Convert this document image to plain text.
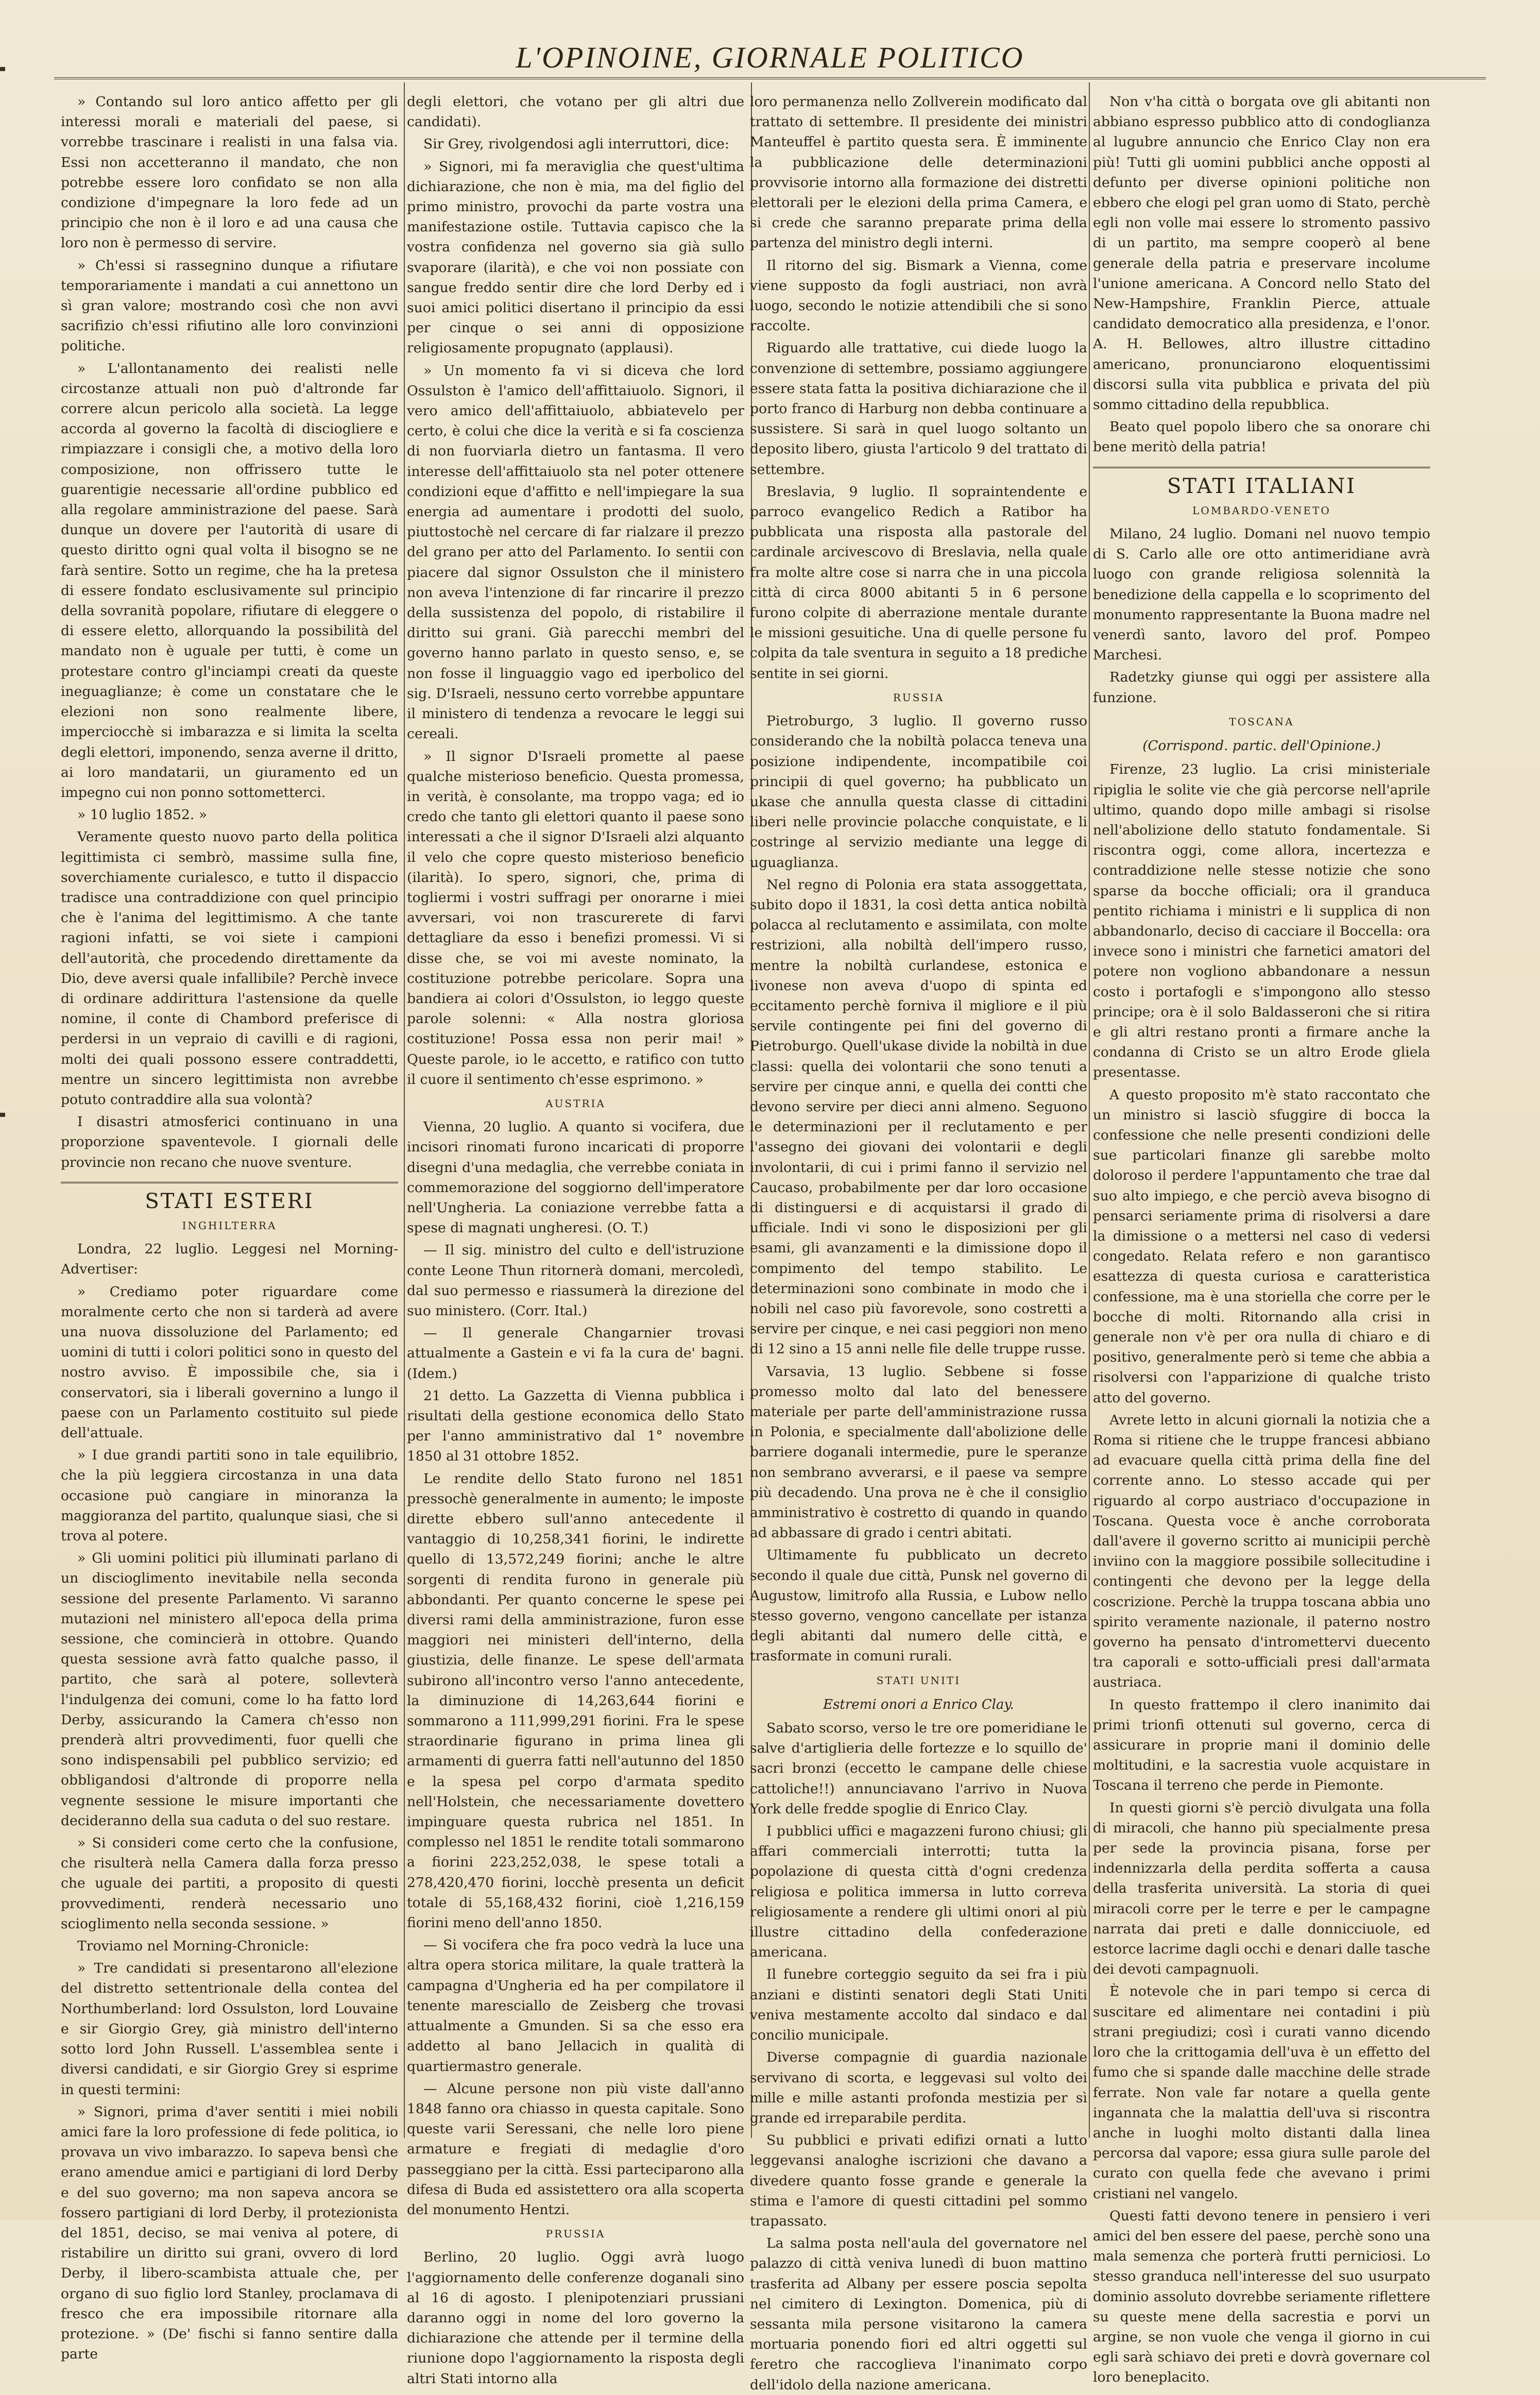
L'OPINOINE, GIORNALE POLITICO

» Contando sul loro antico affetto per gli interessi morali e materiali del paese, si vorrebbe trascinare i realisti in una falsa via. Essi non accetteranno il mandato, che non potrebbe essere loro confidato se non alla condizione d'impegnare la loro fede ad un principio che non è il loro e ad una causa che loro non è permesso di servire.

» Ch'essi si rassegnino dunque a rifiutare temporariamente i mandati a cui annettono un sì gran valore; mostrando così che non avvi sacrifizio ch'essi rifiutino alle loro convinzioni politiche.

» L'allontanamento dei realisti nelle circostanze attuali non può d'altronde far correre alcun pericolo alla società. La legge accorda al governo la facoltà di disciogliere e rimpiazzare i consigli che, a motivo della loro composizione, non offrissero tutte le guarentigie necessarie all'ordine pubblico ed alla regolare amministrazione del paese. Sarà dunque un dovere per l'autorità di usare di questo diritto ogni qual volta il bisogno se ne farà sentire. Sotto un regime, che ha la pretesa di essere fondato esclusivamente sul principio della sovranità popolare, rifiutare di eleggere o di essere eletto, allorquando la possibilità del mandato non è uguale per tutti, è come un protestare contro gl'inciampi creati da queste ineguaglianze; è come un constatare che le elezioni non sono realmente libere, imperciocchè si imbarazza e si limita la scelta degli elettori, imponendo, senza averne il dritto, ai loro mandatarii, un giuramento ed un impegno cui non ponno sottometterci.

» 10 luglio 1852. »

Veramente questo nuovo parto della politica legittimista ci sembrò, massime sulla fine, soverchiamente curialesco, e tutto il dispaccio tradisce una contraddizione con quel principio che è l'anima del legittimismo. A che tante ragioni infatti, se voi siete i campioni dell'autorità, che procedendo direttamente da Dio, deve aversi quale infallibile? Perchè invece di ordinare addirittura l'astensione da quelle nomine, il conte di Chambord preferisce di perdersi in un vepraio di cavilli e di ragioni, molti dei quali possono essere contraddetti, mentre un sincero legittimista non avrebbe potuto contraddire alla sua volontà?

I disastri atmosferici continuano in una proporzione spaventevole. I giornali delle provincie non recano che nuove sventure.

STATI ESTERI
INGHILTERRA

Londra, 22 luglio. Leggesi nel Morning-Advertiser:

» Crediamo poter riguardare come moralmente certo che non si tarderà ad avere una nuova dissoluzione del Parlamento; ed uomini di tutti i colori politici sono in questo del nostro avviso. È impossibile che, sia i conservatori, sia i liberali governino a lungo il paese con un Parlamento costituito sul piede dell'attuale.

» I due grandi partiti sono in tale equilibrio, che la più leggiera circostanza in una data occasione può cangiare in minoranza la maggioranza del partito, qualunque siasi, che si trova al potere.

» Gli uomini politici più illuminati parlano di un discioglimento inevitabile nella seconda sessione del presente Parlamento. Vi saranno mutazioni nel ministero all'epoca della prima sessione, che comincierà in ottobre. Quando questa sessione avrà fatto qualche passo, il partito, che sarà al potere, sollevterà l'indulgenza dei comuni, come lo ha fatto lord Derby, assicurando la Camera ch'esso non prenderà altri provvedimenti, fuor quelli che sono indispensabili pel pubblico servizio; ed obbligandosi d'altronde di proporre nella vegnente sessione le misure importanti che decideranno della sua caduta o del suo restare.

» Si consideri come certo che la confusione, che risulterà nella Camera dalla forza presso che uguale dei partiti, a proposito di questi provvedimenti, renderà necessario uno scioglimento nella seconda sessione. »

Troviamo nel Morning-Chronicle:

» Tre candidati si presentarono all'elezione del distretto settentrionale della contea del Northumberland: lord Ossulston, lord Louvaine e sir Giorgio Grey, già ministro dell'interno sotto lord John Russell. L'assemblea sente i diversi candidati, e sir Giorgio Grey si esprime in questi termini:

» Signori, prima d'aver sentiti i miei nobili amici fare la loro professione di fede politica, io provava un vivo imbarazzo. Io sapeva bensì che erano amendue amici e partigiani di lord Derby e del suo governo; ma non sapeva ancora se fossero partigiani di lord Derby, il protezionista del 1851, deciso, se mai veniva al potere, di ristabilire un diritto sui grani, ovvero di lord Derby, il libero-scambista attuale che, per organo di suo figlio lord Stanley, proclamava di fresco che era impossibile ritornare alla protezione. » (De' fischi si fanno sentire dalla parte

degli elettori, che votano per gli altri due candidati).

Sir Grey, rivolgendosi agli interruttori, dice:

» Signori, mi fa meraviglia che quest'ultima dichiarazione, che non è mia, ma del figlio del primo ministro, provochi da parte vostra una manifestazione ostile. Tuttavia capisco che la vostra confidenza nel governo sia già sullo svaporare (ilarità), e che voi non possiate con sangue freddo sentir dire che lord Derby ed i suoi amici politici disertano il principio da essi per cinque o sei anni di opposizione religiosamente propugnato (applausi).

» Un momento fa vi si diceva che lord Ossulston è l'amico dell'affittaiuolo. Signori, il vero amico dell'affittaiuolo, abbiatevelo per certo, è colui che dice la verità e si fa coscienza di non fuorviarla dietro un fantasma. Il vero interesse dell'affittaiuolo sta nel poter ottenere condizioni eque d'affitto e nell'impiegare la sua energia ad aumentare i prodotti del suolo, piuttostochè nel cercare di far rialzare il prezzo del grano per atto del Parlamento. Io sentii con piacere dal signor Ossulston che il ministero non aveva l'intenzione di far rincarire il prezzo della sussistenza del popolo, di ristabilire il diritto sui grani. Già parecchi membri del governo hanno parlato in questo senso, e, se non fosse il linguaggio vago ed iperbolico del sig. D'Israeli, nessuno certo vorrebbe appuntare il ministero di tendenza a revocare le leggi sui cereali.

» Il signor D'Israeli promette al paese qualche misterioso beneficio. Questa promessa, in verità, è consolante, ma troppo vaga; ed io credo che tanto gli elettori quanto il paese sono interessati a che il signor D'Israeli alzi alquanto il velo che copre questo misterioso beneficio (ilarità). Io spero, signori, che, prima di togliermi i vostri suffragi per onorarne i miei avversari, voi non trascurerete di farvi dettagliare da esso i benefizi promessi. Vi si disse che, se voi mi aveste nominato, la costituzione potrebbe pericolare. Sopra una bandiera ai colori d'Ossulston, io leggo queste parole solenni: « Alla nostra gloriosa costituzione! Possa essa non perir mai! » Queste parole, io le accetto, e ratifico con tutto il cuore il sentimento ch'esse esprimono. »

AUSTRIA

Vienna, 20 luglio. A quanto si vocifera, due incisori rinomati furono incaricati di proporre disegni d'una medaglia, che verrebbe coniata in commemorazione del soggiorno dell'imperatore nell'Ungheria. La coniazione verrebbe fatta a spese di magnati ungheresi. (O. T.)

— Il sig. ministro del culto e dell'istruzione conte Leone Thun ritornerà domani, mercoledì, dal suo permesso e riassumerà la direzione del suo ministero. (Corr. Ital.)

— Il generale Changarnier trovasi attualmente a Gastein e vi fa la cura de' bagni. (Idem.)

21 detto. La Gazzetta di Vienna pubblica i risultati della gestione economica dello Stato per l'anno amministrativo dal 1° novembre 1850 al 31 ottobre 1852.

Le rendite dello Stato furono nel 1851 pressochè generalmente in aumento; le imposte dirette ebbero sull'anno antecedente il vantaggio di 10,258,341 fiorini, le indirette quello di 13,572,249 fiorini; anche le altre sorgenti di rendita furono in generale più abbondanti. Per quanto concerne le spese pei diversi rami della amministrazione, furon esse maggiori nei ministeri dell'interno, della giustizia, delle finanze. Le spese dell'armata subirono all'incontro verso l'anno antecedente, la diminuzione di 14,263,644 fiorini e sommarono a 111,999,291 fiorini. Fra le spese straordinarie figurano in prima linea gli armamenti di guerra fatti nell'autunno del 1850 e la spesa pel corpo d'armata spedito nell'Holstein, che necessariamente dovettero impinguare questa rubrica nel 1851. In complesso nel 1851 le rendite totali sommarono a fiorini 223,252,038, le spese totali a 278,420,470 fiorini, locchè presenta un deficit totale di 55,168,432 fiorini, cioè 1,216,159 fiorini meno dell'anno 1850.

— Si vocifera che fra poco vedrà la luce una altra opera storica militare, la quale tratterà la campagna d'Ungheria ed ha per compilatore il tenente maresciallo de Zeisberg che trovasi attualmente a Gmunden. Si sa che esso era addetto al bano Jellacich in qualità di quartiermastro generale.

— Alcune persone non più viste dall'anno 1848 fanno ora chiasso in questa capitale. Sono queste varii Seressani, che nelle loro piene armature e fregiati di medaglie d'oro passeggiano per la città. Essi parteciparono alla difesa di Buda ed assistettero ora alla scoperta del monumento Hentzi.

PRUSSIA

Berlino, 20 luglio. Oggi avrà luogo l'aggiornamento delle conferenze doganali sino al 16 di agosto. I plenipotenziari prussiani daranno oggi in nome del loro governo la dichiarazione che attende per il termine della riunione dopo l'aggiornamento la risposta degli altri Stati intorno alla

loro permanenza nello Zollverein modificato dal trattato di settembre. Il presidente dei ministri Manteuffel è partito questa sera. È imminente la pubblicazione delle determinazioni provvisorie intorno alla formazione dei distretti elettorali per le elezioni della prima Camera, e si crede che saranno preparate prima della partenza del ministro degli interni.

Il ritorno del sig. Bismark a Vienna, come viene supposto da fogli austriaci, non avrà luogo, secondo le notizie attendibili che si sono raccolte.

Riguardo alle trattative, cui diede luogo la convenzione di settembre, possiamo aggiungere essere stata fatta la positiva dichiarazione che il porto franco di Harburg non debba continuare a sussistere. Si sarà in quel luogo soltanto un deposito libero, giusta l'articolo 9 del trattato di settembre.

Breslavia, 9 luglio. Il sopraintendente e parroco evangelico Redich a Ratibor ha pubblicata una risposta alla pastorale del cardinale arcivescovo di Breslavia, nella quale fra molte altre cose si narra che in una piccola città di circa 8000 abitanti 5 in 6 persone furono colpite di aberrazione mentale durante le missioni gesuitiche. Una di quelle persone fu colpita da tale sventura in seguito a 18 prediche sentite in sei giorni.

RUSSIA

Pietroburgo, 3 luglio. Il governo russo considerando che la nobiltà polacca teneva una posizione indipendente, incompatibile coi principii di quel governo; ha pubblicato un ukase che annulla questa classe di cittadini liberi nelle provincie polacche conquistate, e li costringe al servizio mediante una legge di uguaglianza.

Nel regno di Polonia era stata assoggettata, subito dopo il 1831, la così detta antica nobiltà polacca al reclutamento e assimilata, con molte restrizioni, alla nobiltà dell'impero russo, mentre la nobiltà curlandese, estonica e livonese non aveva d'uopo di spinta ed eccitamento perchè forniva il migliore e il più servile contingente pei fini del governo di Pietroburgo. Quell'ukase divide la nobiltà in due classi: quella dei volontarii che sono tenuti a servire per cinque anni, e quella dei contti che devono servire per dieci anni almeno. Seguono le determinazioni per il reclutamento e per l'assegno dei giovani dei volontarii e degli involontarii, di cui i primi fanno il servizio nel Caucaso, probabilmente per dar loro occasione di distinguersi e di acquistarsi il grado di ufficiale. Indi vi sono le disposizioni per gli esami, gli avanzamenti e la dimissione dopo il compimento del tempo stabilito. Le determinazioni sono combinate in modo che i nobili nel caso più favorevole, sono costretti a servire per cinque, e nei casi peggiori non meno di 12 sino a 15 anni nelle file delle truppe russe.

Varsavia, 13 luglio. Sebbene si fosse promesso molto dal lato del benessere materiale per parte dell'amministrazione russa in Polonia, e specialmente dall'abolizione delle barriere doganali intermedie, pure le speranze non sembrano avverarsi, e il paese va sempre più decadendo. Una prova ne è che il consiglio amministrativo è costretto di quando in quando ad abbassare di grado i centri abitati.

Ultimamente fu pubblicato un decreto secondo il quale due città, Punsk nel governo di Augustow, limitrofo alla Russia, e Lubow nello stesso governo, vengono cancellate per istanza degli abitanti dal numero delle città, e trasformate in comuni rurali.

STATI UNITI
Estremi onori a Enrico Clay.

Sabato scorso, verso le tre ore pomeridiane le salve d'artiglieria delle fortezze e lo squillo de' sacri bronzi (eccetto le campane delle chiese cattoliche!!) annunciavano l'arrivo in Nuova York delle fredde spoglie di Enrico Clay.

I pubblici uffici e magazzeni furono chiusi; gli affari commerciali interrotti; tutta la popolazione di questa città d'ogni credenza religiosa e politica immersa in lutto correva religiosamente a rendere gli ultimi onori al più illustre cittadino della confederazione americana.

Il funebre corteggio seguito da sei fra i più anziani e distinti senatori degli Stati Uniti veniva mestamente accolto dal sindaco e dal concilio municipale.

Diverse compagnie di guardia nazionale servivano di scorta, e leggevasi sul volto dei mille e mille astanti profonda mestizia per sì grande ed irreparabile perdita.

Su pubblici e privati edifizi ornati a lutto leggevansi analoghe iscrizioni che davano a divedere quanto fosse grande e generale la stima e l'amore di questi cittadini pel sommo trapassato.

La salma posta nell'aula del governatore nel palazzo di città veniva lunedì di buon mattino trasferita ad Albany per essere poscia sepolta nel cimitero di Lexington. Domenica, più di sessanta mila persone visitarono la camera mortuaria ponendo fiori ed altri oggetti sul feretro che raccoglieva l'inanimato corpo dell'idolo della nazione americana.

Non v'ha città o borgata ove gli abitanti non abbiano espresso pubblico atto di condoglianza al lugubre annuncio che Enrico Clay non era più! Tutti gli uomini pubblici anche opposti al defunto per diverse opinioni politiche non ebbero che elogi pel gran uomo di Stato, perchè egli non volle mai essere lo stromento passivo di un partito, ma sempre cooperò al bene generale della patria e preservare incolume l'unione americana. A Concord nello Stato del New-Hampshire, Franklin Pierce, attuale candidato democratico alla presidenza, e l'onor. A. H. Bellowes, altro illustre cittadino americano, pronunciarono eloquentissimi discorsi sulla vita pubblica e privata del più sommo cittadino della repubblica.

Beato quel popolo libero che sa onorare chi bene meritò della patria!

STATI ITALIANI
LOMBARDO-VENETO

Milano, 24 luglio. Domani nel nuovo tempio di S. Carlo alle ore otto antimeridiane avrà luogo con grande religiosa solennità la benedizione della cappella e lo scoprimento del monumento rappresentante la Buona madre nel venerdì santo, lavoro del prof. Pompeo Marchesi.

Radetzky giunse qui oggi per assistere alla funzione.

TOSCANA
(Corrispond. partic. dell'Opinione.)

Firenze, 23 luglio. La crisi ministeriale ripiglia le solite vie che già percorse nell'aprile ultimo, quando dopo mille ambagi si risolse nell'abolizione dello statuto fondamentale. Si riscontra oggi, come allora, incertezza e contraddizione nelle stesse notizie che sono sparse da bocche officiali; ora il granduca pentito richiama i ministri e li supplica di non abbandonarlo, deciso di cacciare il Boccella: ora invece sono i ministri che farnetici amatori del potere non vogliono abbandonare a nessun costo i portafogli e s'impongono allo stesso principe; ora è il solo Baldasseroni che si ritira e gli altri restano pronti a firmare anche la condanna di Cristo se un altro Erode gliela presentasse.

A questo proposito m'è stato raccontato che un ministro si lasciò sfuggire di bocca la confessione che nelle presenti condizioni delle sue particolari finanze gli sarebbe molto doloroso il perdere l'appuntamento che trae dal suo alto impiego, e che perciò aveva bisogno di pensarci seriamente prima di risolversi a dare la dimissione o a mettersi nel caso di vedersi congedato. Relata refero e non garantisco esattezza di questa curiosa e caratteristica confessione, ma è una storiella che corre per le bocche di molti. Ritornando alla crisi in generale non v'è per ora nulla di chiaro e di positivo, generalmente però si teme che abbia a risolversi con l'apparizione di qualche tristo atto del governo.

Avrete letto in alcuni giornali la notizia che a Roma si ritiene che le truppe francesi abbiano ad evacuare quella città prima della fine del corrente anno. Lo stesso accade qui per riguardo al corpo austriaco d'occupazione in Toscana. Questa voce è anche corroborata dall'avere il governo scritto ai municipii perchè inviino con la maggiore possibile sollecitudine i contingenti che devono per la legge della coscrizione. Perchè la truppa toscana abbia uno spirito veramente nazionale, il paterno nostro governo ha pensato d'intromettervi duecento tra caporali e sotto-ufficiali presi dall'armata austriaca.

In questo frattempo il clero inanimito dai primi trionfi ottenuti sul governo, cerca di assicurare in proprie mani il dominio delle moltitudini, e la sacrestia vuole acquistare in Toscana il terreno che perde in Piemonte.

In questi giorni s'è perciò divulgata una folla di miracoli, che hanno più specialmente presa per sede la provincia pisana, forse per indennizzarla della perdita sofferta a causa della trasferita università. La storia di quei miracoli corre per le terre e per le campagne narrata dai preti e dalle donnicciuole, ed estorce lacrime dagli occhi e denari dalle tasche dei devoti campagnuoli.

È notevole che in pari tempo si cerca di suscitare ed alimentare nei contadini i più strani pregiudizi; così i curati vanno dicendo loro che la crittogamia dell'uva è un effetto del fumo che si spande dalle macchine delle strade ferrate. Non vale far notare a quella gente ingannata che la malattia dell'uva si riscontra anche in luoghi molto distanti dalla linea percorsa dal vapore; essa giura sulle parole del curato con quella fede che avevano i primi cristiani nel vangelo.

Questi fatti devono tenere in pensiero i veri amici del ben essere del paese, perchè sono una mala semenza che porterà frutti perniciosi. Lo stesso granduca nell'interesse del suo usurpato dominio assoluto dovrebbe seriamente riflettere su queste mene della sacrestia e porvi un argine, se non vuole che venga il giorno in cui egli sarà schiavo dei preti e dovrà governare col loro beneplacito.
